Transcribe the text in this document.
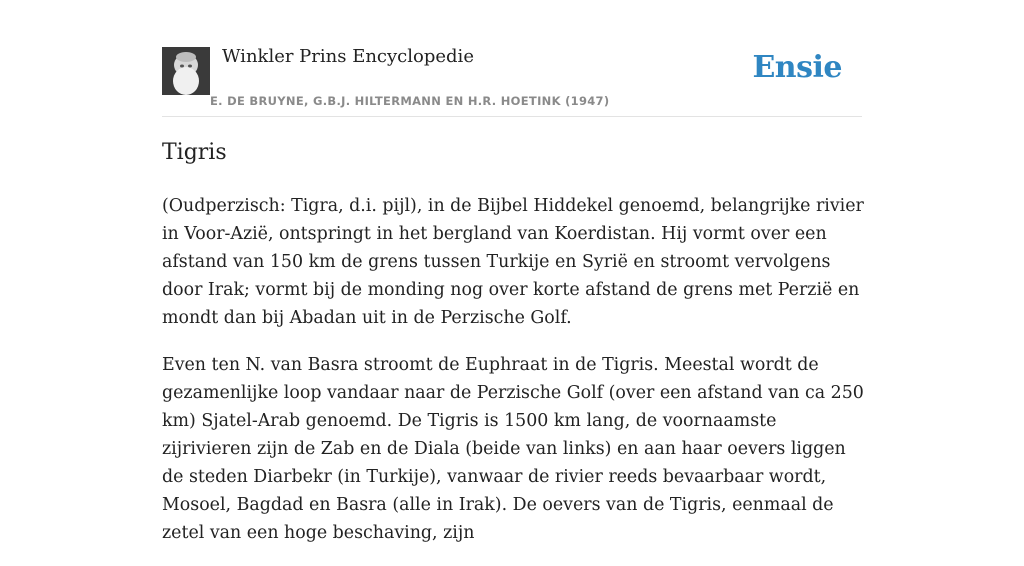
Winkler Prins Encyclopedie
E. DE BRUYNE, G.B.J. HILTERMANN EN H.R. HOETINK (1947)
Ensie
Tigris

(Oudperzisch: Tigra, d.i. pijl), in de Bijbel Hiddekel genoemd, belangrijke rivier in Voor-Azië, ontspringt in het bergland van Koerdistan. Hij vormt over een afstand van 150 km de grens tussen Turkije en Syrië en stroomt vervolgens door Irak; vormt bij de monding nog over korte afstand de grens met Perzië en mondt dan bij Abadan uit in de Perzische Golf.

Even ten N. van Basra stroomt de Euphraat in de Tigris. Meestal wordt de gezamenlijke loop vandaar naar de Perzische Golf (over een afstand van ca 250 km) Sjatel-Arab genoemd. De Tigris is 1500 km lang, de voornaamste zijrivieren zijn de Zab en de Diala (beide van links) en aan haar oevers liggen de steden Diarbekr (in Turkije), vanwaar de rivier reeds bevaarbaar wordt, Mosoel, Bagdad en Basra (alle in Irak). De oevers van de Tigris, eenmaal de zetel van een hoge beschaving, zijn
